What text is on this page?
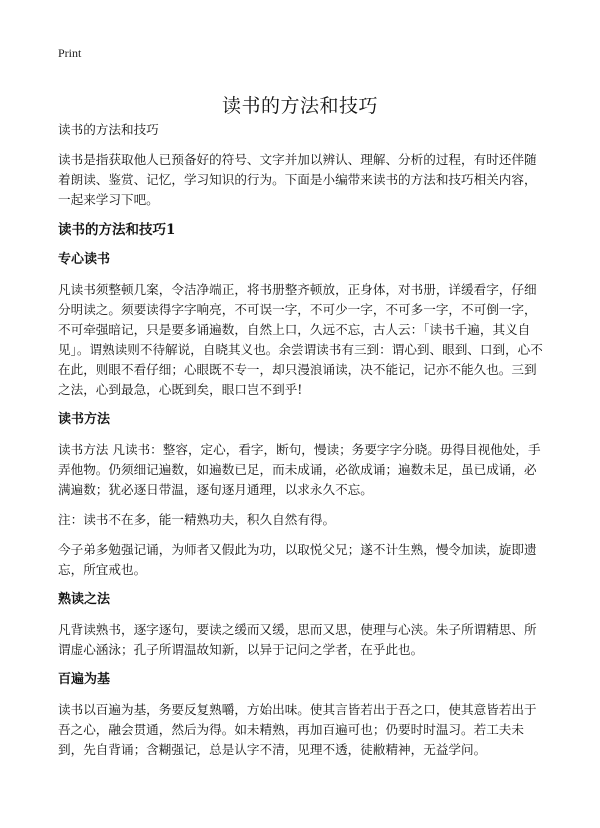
Print
读书的方法和技巧

读书的方法和技巧

读书是指获取他人已预备好的符号、文字并加以辨认、理解、分析的过程，有时还伴随着朗读、鉴赏、记忆，学习知识的行为。下面是小编带来读书的方法和技巧相关内容，一起来学习下吧。

读书的方法和技巧1
专心读书

凡读书须整顿几案，令洁净端正，将书册整齐顿放，正身体，对书册，详缓看字，仔细分明读之。须要读得字字响亮，不可误一字，不可少一字，不可多一字，不可倒一字，不可牵强暗记，只是要多诵遍数，自然上口，久远不忘，古人云：「读书千遍，其义自见」。谓熟读则不待解说，自晓其义也。余尝谓读书有三到：谓心到、眼到、口到，心不在此，则眼不看仔细；心眼既不专一，却只漫浪诵读，决不能记，记亦不能久也。三到之法，心到最急，心既到矣，眼口岂不到乎!

读书方法

读书方法 凡读书：整容，定心，看字，断句，慢读；务要字字分晓。毋得目视他处，手弄他物。仍须细记遍数，如遍数已足，而未成诵，必欲成诵；遍数未足，虽已成诵，必满遍数；犹必逐日带温，逐旬逐月通理，以求永久不忘。

注：读书不在多，能一精熟功夫，积久自然有得。

今子弟多勉强记诵，为师者又假此为功，以取悦父兄；遂不计生熟，慢令加读，旋即遗忘，所宜戒也。

熟读之法

凡背读熟书，逐字逐句，要读之缓而又缓，思而又思，使理与心浃。朱子所谓精思、所谓虚心涵泳；孔子所谓温故知新，以异于记问之学者，在乎此也。

百遍为基

读书以百遍为基，务要反复熟嚼，方始出味。使其言皆若出于吾之口，使其意皆若出于吾之心，融会贯通，然后为得。如未精熟，再加百遍可也；仍要时时温习。若工夫未到，先自背诵；含糊强记，总是认字不清，见理不透，徒敝精神，无益学问。
